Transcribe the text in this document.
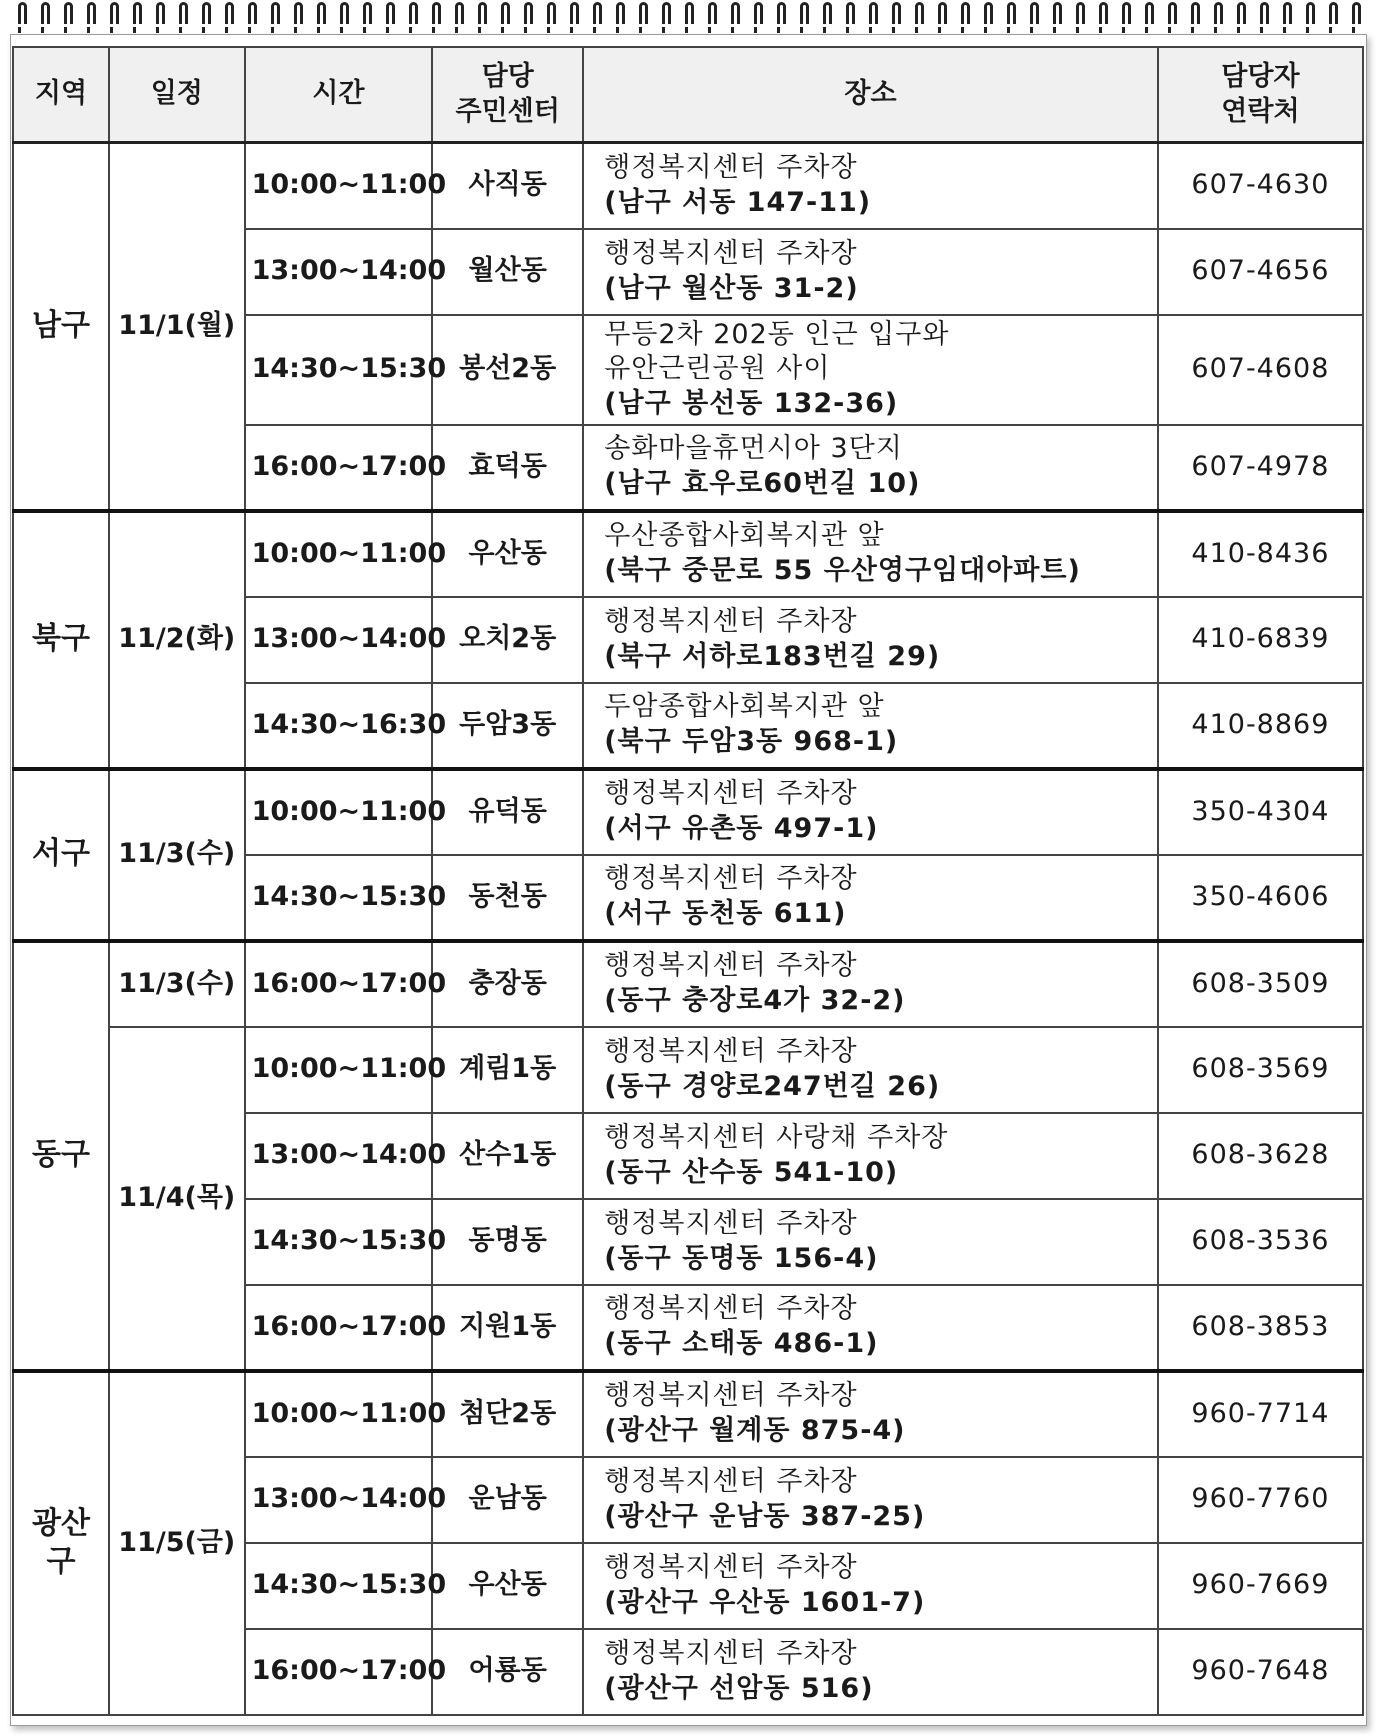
지역	일정	시간	담당
주민센터	장소	담당자
연락처
남구	11/1(월)	10:00~11:00	사직동	행정복지센터 주차장
(남구 서동 147-11)	607-4630
		13:00~14:00	월산동	행정복지센터 주차장
(남구 월산동 31-2)	607-4656
		14:30~15:30	봉선2동	무등2차 202동 인근 입구와
유안근린공원 사이
(남구 봉선동 132-36)	607-4608
		16:00~17:00	효덕동	송화마을휴먼시아 3단지
(남구 효우로60번길 10)	607-4978
북구	11/2(화)	10:00~11:00	우산동	우산종합사회복지관 앞
(북구 중문로 55 우산영구임대아파트)	410-8436
		13:00~14:00	오치2동	행정복지센터 주차장
(북구 서하로183번길 29)	410-6839
		14:30~16:30	두암3동	두암종합사회복지관 앞
(북구 두암3동 968-1)	410-8869
서구	11/3(수)	10:00~11:00	유덕동	행정복지센터 주차장
(서구 유촌동 497-1)	350-4304
		14:30~15:30	동천동	행정복지센터 주차장
(서구 동천동 611)	350-4606
동구	11/3(수)	16:00~17:00	충장동	행정복지센터 주차장
(동구 충장로4가 32-2)	608-3509
	11/4(목)	10:00~11:00	계림1동	행정복지센터 주차장
(동구 경양로247번길 26)	608-3569
		13:00~14:00	산수1동	행정복지센터 사랑채 주차장
(동구 산수동 541-10)	608-3628
		14:30~15:30	동명동	행정복지센터 주차장
(동구 동명동 156-4)	608-3536
		16:00~17:00	지원1동	행정복지센터 주차장
(동구 소태동 486-1)	608-3853
광산
구	11/5(금)	10:00~11:00	첨단2동	행정복지센터 주차장
(광산구 월계동 875-4)	960-7714
		13:00~14:00	운남동	행정복지센터 주차장
(광산구 운남동 387-25)	960-7760
		14:30~15:30	우산동	행정복지센터 주차장
(광산구 우산동 1601-7)	960-7669
		16:00~17:00	어룡동	행정복지센터 주차장
(광산구 선암동 516)	960-7648
